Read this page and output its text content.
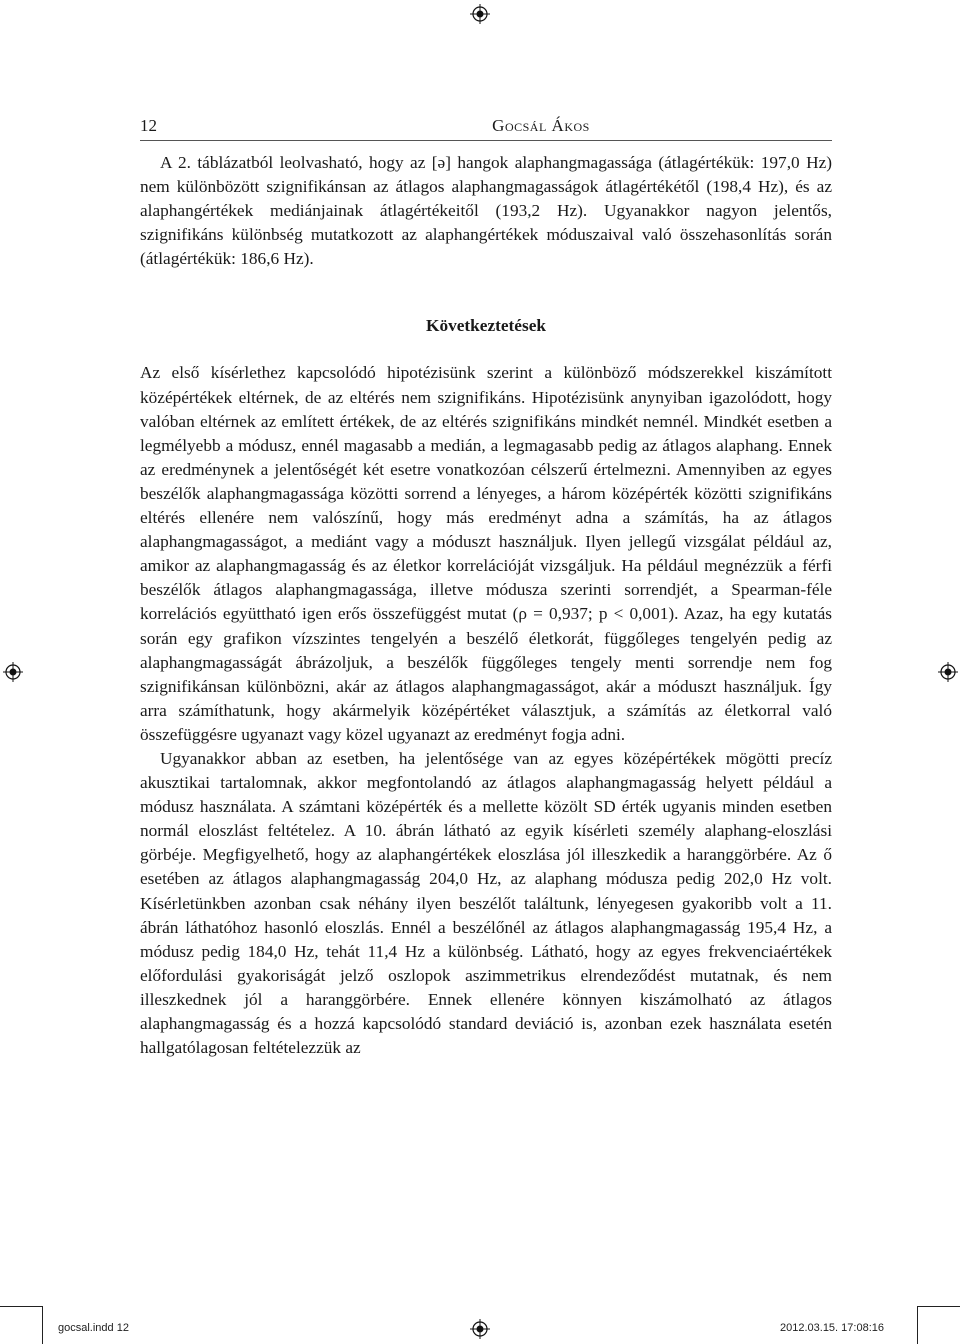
12	Gocsál Ákos

A 2. táblázatból leolvasható, hogy az [ə] hangok alaphangmagassága (átlagértékük: 197,0 Hz) nem különbözött szignifikánsan az átlagos alaphangmagasságok átlagértékétől (198,4 Hz), és az alaphangértékek mediánjainak átlagértékeitől (193,2 Hz). Ugyanakkor nagyon jelentős, szignifikáns különbség mutatkozott az alaphangértékek móduszaival való összehasonlítás során (átlagértékük: 186,6 Hz).

Következtetések

Az első kísérlethez kapcsolódó hipotézisünk szerint a különböző módszerekkel kiszámított középértékek eltérnek, de az eltérés nem szignifikáns. Hipotézisünk anynyiban igazolódott, hogy valóban eltérnek az említett értékek, de az eltérés szignifikáns mindkét nemnél. Mindkét esetben a legmélyebb a módusz, ennél magasabb a medián, a legmagasabb pedig az átlagos alaphang. Ennek az eredménynek a jelentőségét két esetre vonatkozóan célszerű értelmezni. Amennyiben az egyes beszélők alaphangmagassága közötti sorrend a lényeges, a három középérték közötti szignifikáns eltérés ellenére nem valószínű, hogy más eredményt adna a számítás, ha az átlagos alaphangmagasságot, a mediánt vagy a móduszt használjuk. Ilyen jellegű vizsgálat például az, amikor az alaphangmagasság és az életkor korrelációját vizsgáljuk. Ha például megnézzük a férfi beszélők átlagos alaphangmagassága, illetve módusza szerinti sorrendjét, a Spearman-féle korrelációs együttható igen erős összefüggést mutat (ρ = 0,937; p < 0,001). Azaz, ha egy kutatás során egy grafikon vízszintes tengelyén a beszélő életkorát, függőleges tengelyén pedig az alaphangmagasságát ábrázoljuk, a beszélők függőleges tengely menti sorrendje nem fog szignifikánsan különbözni, akár az átlagos alaphangmagasságot, akár a móduszt használjuk. Így arra számíthatunk, hogy akármelyik középértéket választjuk, a számítás az életkorral való összefüggésre ugyanazt vagy közel ugyanazt az eredményt fogja adni.

Ugyanakkor abban az esetben, ha jelentősége van az egyes középértékek mögötti precíz akusztikai tartalomnak, akkor megfontolandó az átlagos alaphangmagasság helyett például a módusz használata. A számtani középérték és a mellette közölt SD érték ugyanis minden esetben normál eloszlást feltételez. A 10. ábrán látható az egyik kísérleti személy alaphang-eloszlási görbéje. Megfigyelhető, hogy az alaphangértékek eloszlása jól illeszkedik a haranggörbére. Az ő esetében az átlagos alaphangmagasság 204,0 Hz, az alaphang módusza pedig 202,0 Hz volt. Kísérletünkben azonban csak néhány ilyen beszélőt találtunk, lényegesen gyakoribb volt a 11. ábrán láthatóhoz hasonló eloszlás. Ennél a beszélőnél az átlagos alaphangmagasság 195,4 Hz, a módusz pedig 184,0 Hz, tehát 11,4 Hz a különbség. Látható, hogy az egyes frekvenciaértékek előfordulási gyakoriságát jelző oszlopok aszimmetrikus elrendeződést mutatnak, és nem illeszkednek jól a haranggörbére. Ennek ellenére könnyen kiszámolható az átlagos alaphangmagasság és a hozzá kapcsolódó standard deviáció is, azonban ezek használata esetén hallgatólagosan feltételezzük az

gocsal.indd 12	2012.03.15. 17:08:16
